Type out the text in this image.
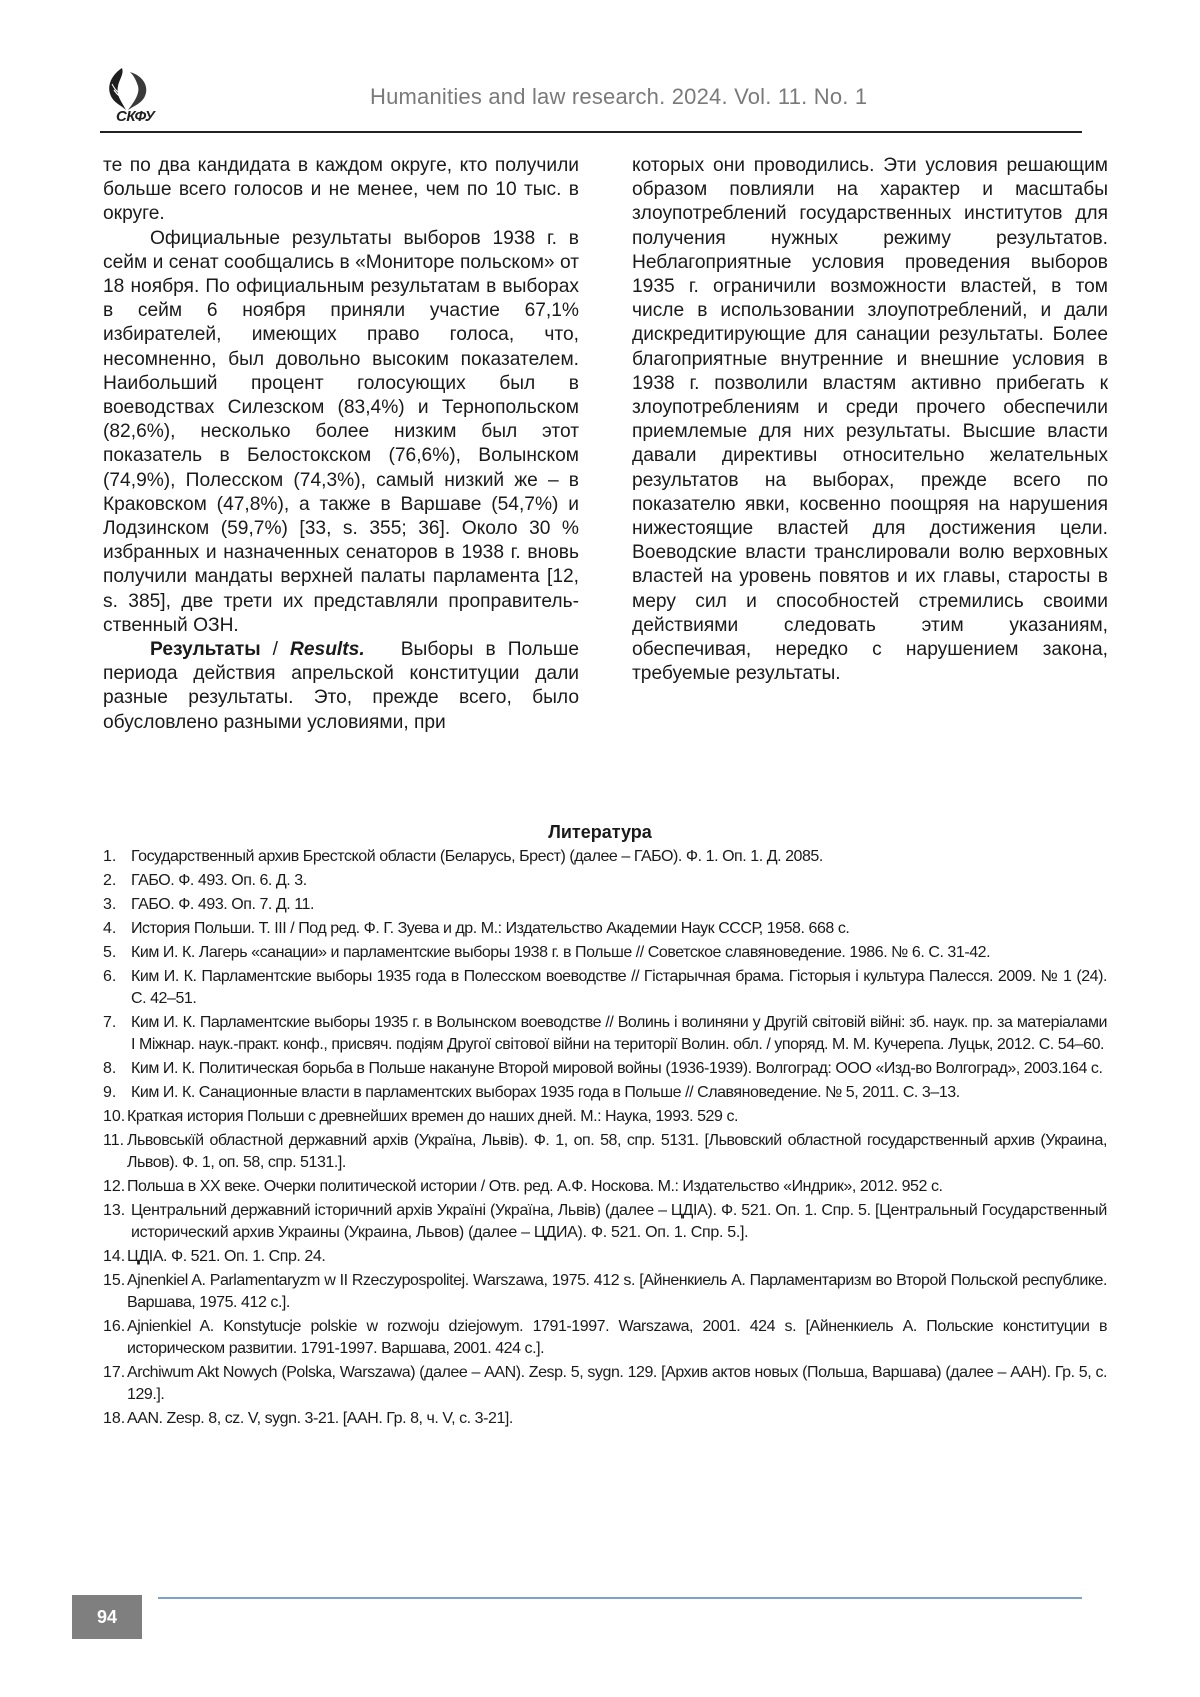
СКФУ
Humanities and law research. 2024. Vol. 11. No. 1

те по два кандидата в каждом округе, кто получили больше всего голосов и не менее, чем по 10 тыс. в округе.

Официальные результаты выборов 1938 г. в сейм и сенат сообщались в «Мониторе польском» от 18 ноября. По официальным результатам в выборах в сейм 6 ноября приняли участие 67,1% избирателей, имеющих право голоса, что, несомненно, был довольно высоким показателем. Наибольший процент голосующих был в воеводствах Силезском (83,4%) и Тернопольском (82,6%), несколько более низким был этот показатель в Белостокском (76,6%), Волынском (74,9%), Полесском (74,3%), самый низкий же – в Краковском (47,8%), а также в Варшаве (54,7%) и Лодзинском (59,7%) [33, s. 355; 36]. Около 30 % избранных и назначенных сенаторов в 1938 г. вновь получили мандаты верхней палаты парламента [12, s. 385], две трети их представляли проправитель-ственный ОЗН.

Результаты / Results.   Выборы в Польше периода действия апрельской конституции дали разные результаты. Это, прежде всего, было обусловлено разными условиями, при

которых они проводились. Эти условия решающим образом повлияли на характер и масштабы злоупотреблений государственных институтов для получения нужных режиму результатов. Неблагоприятные условия проведения выборов 1935 г. ограничили возможности властей, в том числе в использовании злоупотреблений, и дали дискредитирующие для санации результаты. Более благоприятные внутренние и внешние условия в 1938 г. позволили властям активно прибегать к злоупотреблениям и среди прочего обеспечили приемлемые для них результаты. Высшие власти давали директивы относительно желательных результатов на выборах, прежде всего по показателю явки, косвенно поощряя на нарушения нижестоящие властей для достижения цели. Воеводские власти транслировали волю верховных властей на уровень повятов и их главы, старосты в меру сил и способностей стремились своими действиями следовать этим указаниям, обеспечивая, нередко с нарушением закона, требуемые результаты.

Литература
1. Государственный архив Брестской области (Беларусь, Брест) (далее – ГАБО). Ф. 1. Оп. 1. Д. 2085.
2. ГАБО. Ф. 493. Оп. 6. Д. 3.
3. ГАБО. Ф. 493. Оп. 7. Д. 11.
4. История Польши. Т. III / Под ред. Ф. Г. Зуева и др. М.: Издательство Академии Наук СССР, 1958. 668 с.
5. Ким И. К. Лагерь «санации» и парламентские выборы 1938 г. в Польше // Советское славяноведение. 1986. № 6. С. 31-42.
6. Ким И. К. Парламентские выборы 1935 года в Полесском воеводстве // Гістарычная брама. Гісторыя і культура Палесся. 2009. № 1 (24). С. 42–51.
7. Ким И. К. Парламентские выборы 1935 г. в Волынском воеводстве // Волинь і волиняни у Другій світовій війні: зб. наук. пр. за матеріалами І Міжнар. наук.-практ. конф., присвяч. подіям Другої світової війни на території Волин. обл. / упоряд. М. М. Кучерепа. Луцьк, 2012. С. 54–60.
8. Ким И. К. Политическая борьба в Польше накануне Второй мировой войны (1936-1939). Волгоград: ООО «Изд-во Волгоград», 2003.164 с.
9. Ким И. К. Санационные власти в парламентских выборах 1935 года в Польше // Славяноведение. № 5, 2011. С. 3–13.
10. Краткая история Польши с древнейших времен до наших дней. М.: Наука, 1993. 529 с.
11. Львовськїй областной державний архів (Україна, Львів). Ф. 1, оп. 58, спр. 5131. [Львовский областной государственный архив (Украина, Львов). Ф. 1, оп. 58, спр. 5131.].
12. Польша в XX веке. Очерки политической истории / Отв. ред. А.Ф. Носкова. М.: Издательство «Индрик», 2012. 952 с.
13. Центральний державний історичний архів Україні (Україна, Львів) (далее – ЦДІА). Ф. 521. Оп. 1. Спр. 5. [Центральный Государственный исторический архив Украины (Украина, Львов) (далее – ЦДИА). Ф. 521. Оп. 1. Спр. 5.].
14. ЦДІА. Ф. 521. Оп. 1. Спр. 24.
15. Ajnenkiel A. Parlamentaryzm w II Rzeczypospolitej. Warszawa, 1975. 412 s. [Айненкиель А. Парламентаризм во Второй Польской республике. Варшава, 1975. 412 с.].
16. Ajnienkiel A. Konstytucje polskie w rozwoju dziejowym. 1791-1997. Warszawa, 2001. 424 s. [Айненкиель А. Польские конституции в историческом развитии. 1791-1997. Варшава, 2001. 424 с.].
17. Archiwum Akt Nowych (Polska, Warszawa) (далее – AAN). Zesp. 5, sygn. 129. [Архив актов новых (Польша, Варшава) (далее – ААН). Гр. 5, с. 129.].
18. AAN. Zesp. 8, cz. V, sygn. 3-21. [ААН. Гр. 8, ч. V, с. 3-21].
94
